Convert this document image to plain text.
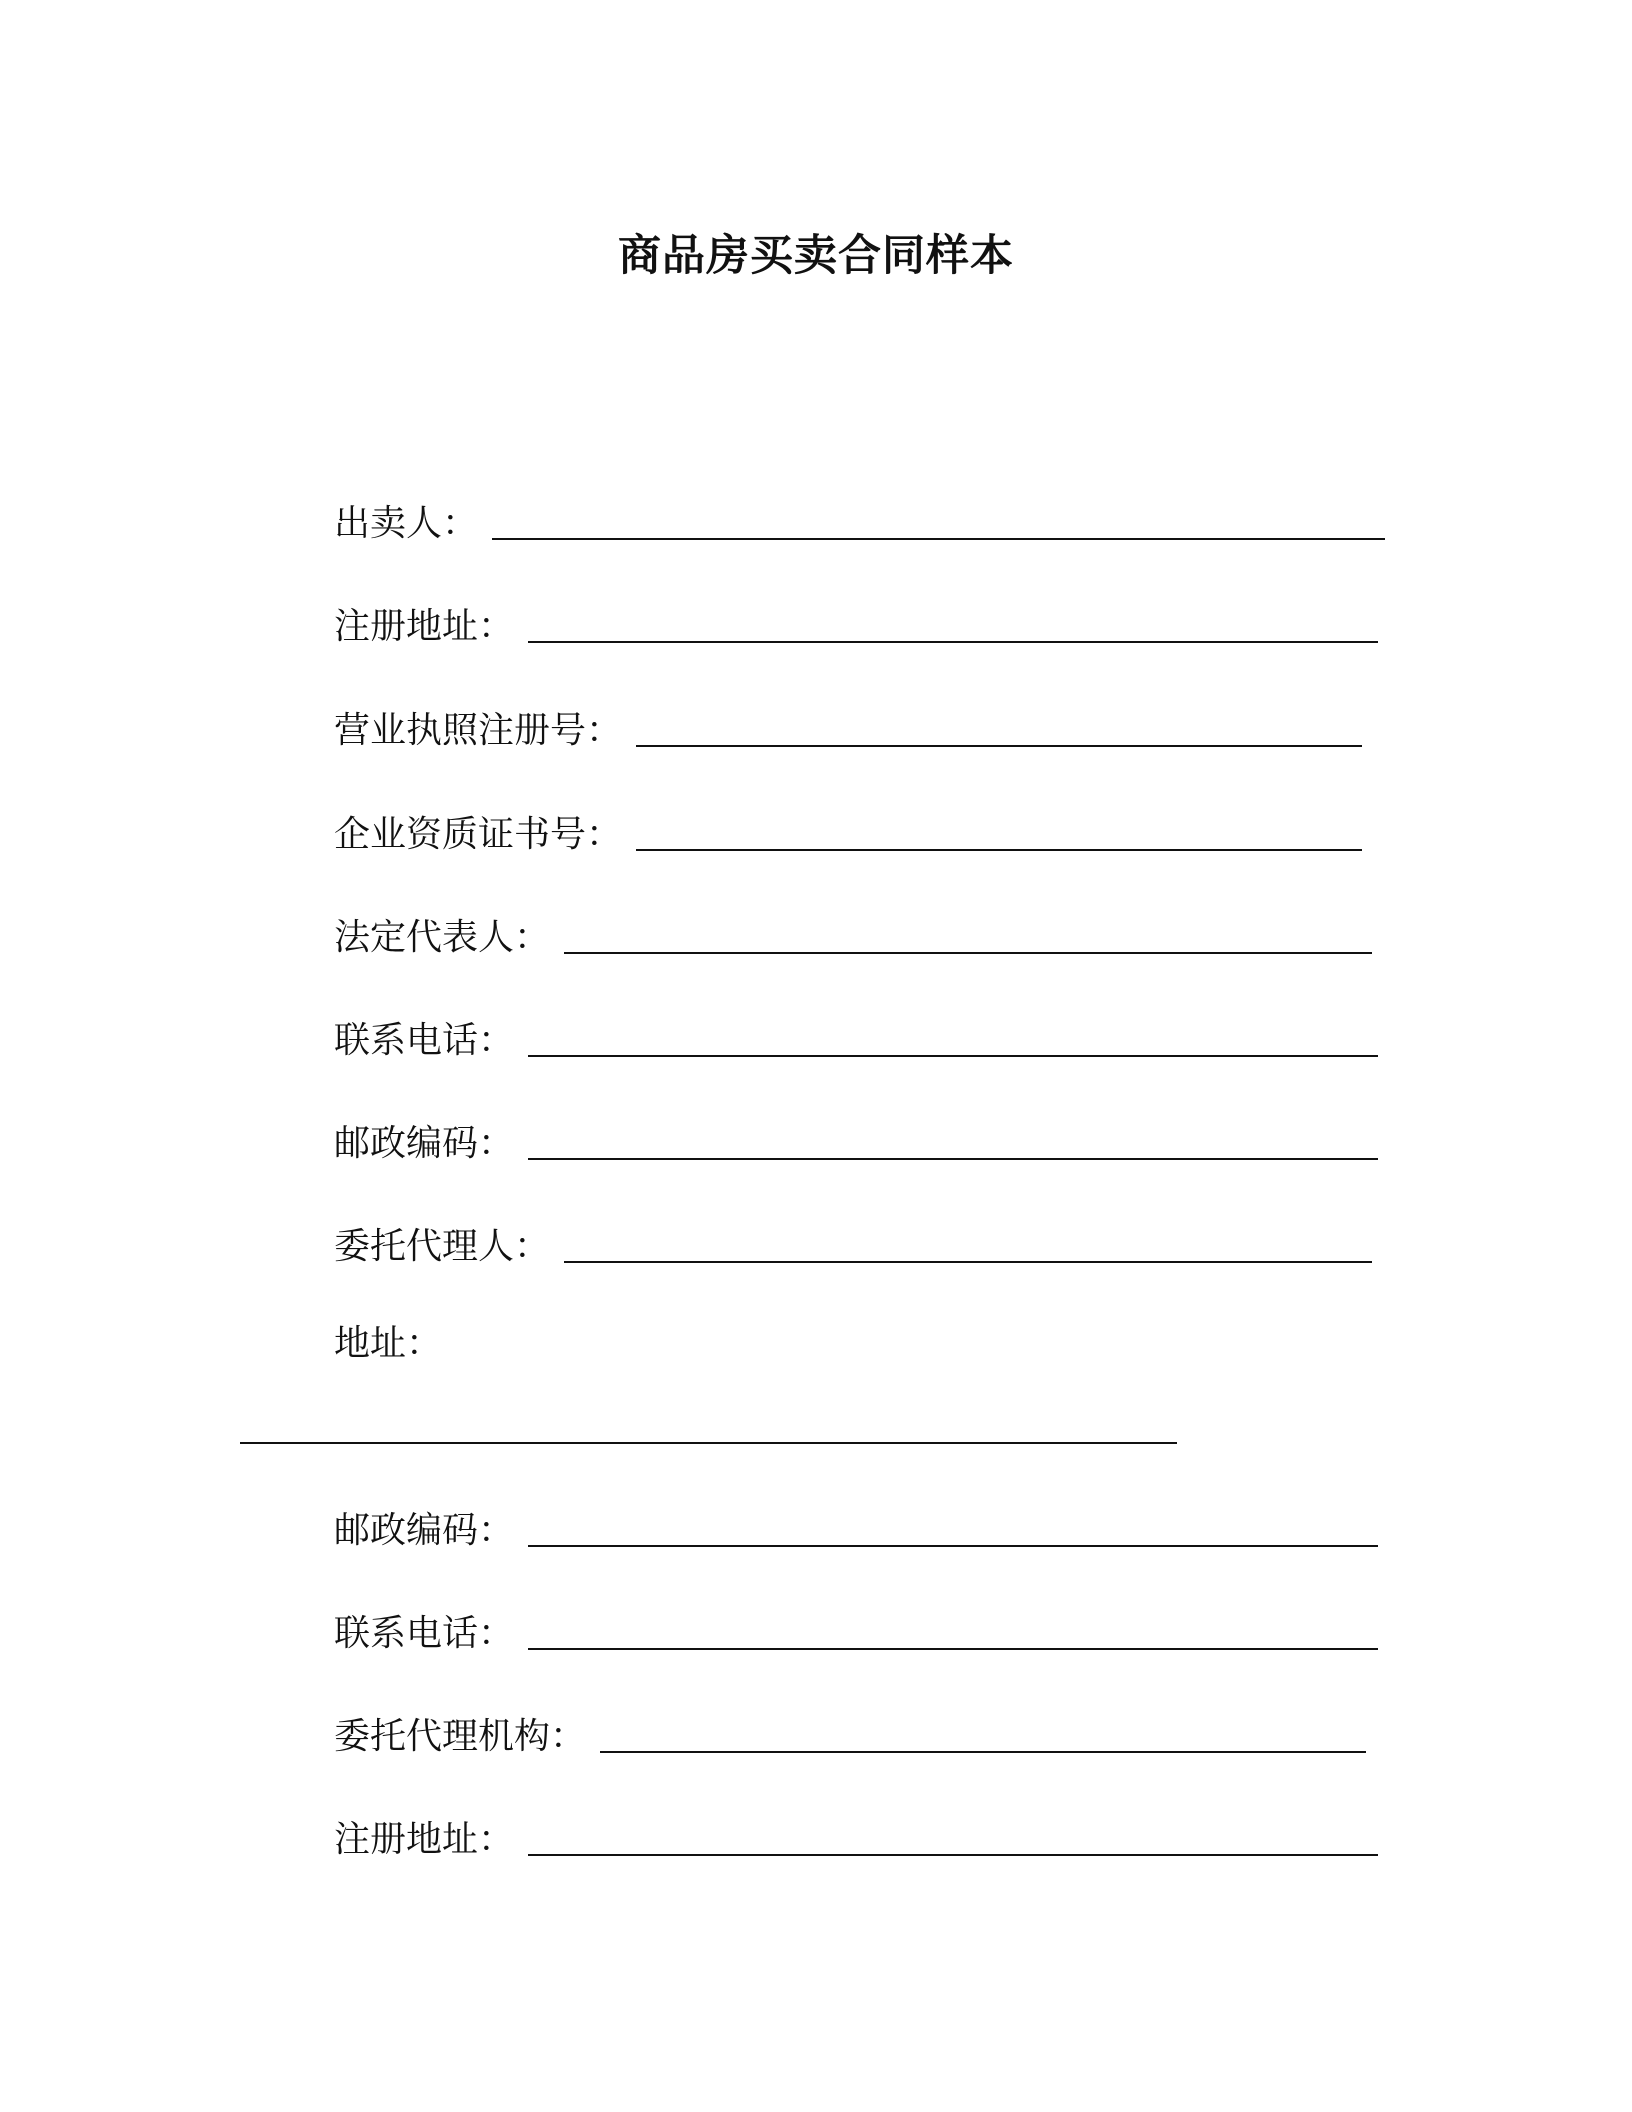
商品房买卖合同样本
出卖人 ：
注册地址 ：
营业执照注册号 ：
企业资质证书号 ：
法定代表人 ：
联系电话 ：
邮政编码 ：
委托代理人 ：
地址 ：
邮政编码 ：
联系电话 ：
委托代理机构 ：
注册地址 ：
